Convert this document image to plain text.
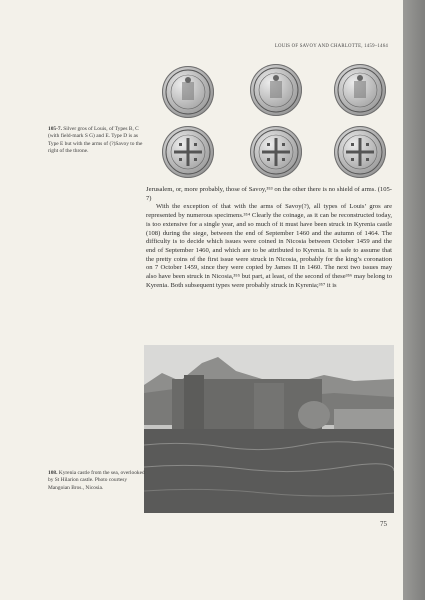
LOUIS OF SAVOY AND CHARLOTTE, 1459–1464
105-7. Silver gros of Louis, of Types B, C (with field-mark S G) and E. Type D is as Type E but with the arms of (?)Savoy to the right of the throne.

Jerusalem, or, more probably, those of Savoy,³⁵³ on the other there is no shield of arms. (105-7)

With the exception of that with the arms of Savoy(?), all types of Louis’ gros are represented by numerous specimens.³⁵⁴ Clearly the coinage, as it can be reconstructed today, is too extensive for a single year, and so much of it must have been struck in Kyrenia castle (108) during the siege, between the end of September 1460 and the autumn of 1464. The difficulty is to decide which issues were coined in Nicosia between October 1459 and the end of September 1460, and which are to be attributed to Kyrenia. It is safe to assume that the pretty coins of the first issue were struck in Nicosia, probably for the king’s coronation on 7 October 1459, since they were copied by James II in 1460. The next two issues may also have been struck in Nicosia,³⁵⁵ but part, at least, of the second of these³⁵⁶ may belong to Kyrenia. Both subsequent types were probably struck in Kyrenia;³⁵⁷ it is

108. Kyrenia castle from the sea, overlooked by St Hilarion castle. Photo courtesy Mangoian Bros., Nicosia.
75
